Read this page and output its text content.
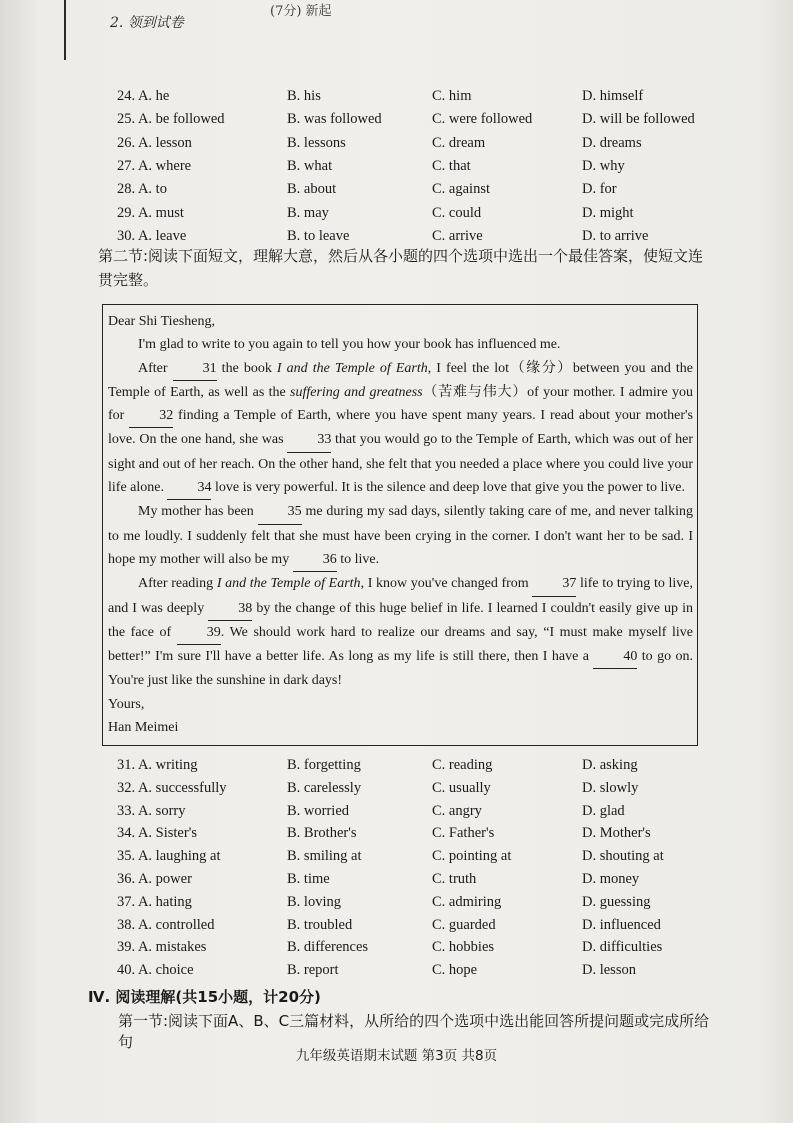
2. 领到试卷
(7分) 新起
24. A. he	B. his	C. him	D. himself
25. A. be followed	B. was followed	C. were followed	D. will be followed
26. A. lesson	B. lessons	C. dream	D. dreams
27. A. where	B. what	C. that	D. why
28. A. to	B. about	C. against	D. for
29. A. must	B. may	C. could	D. might
30. A. leave	B. to leave	C. arrive	D. to arrive
第二节:阅读下面短文，理解大意，然后从各小题的四个选项中选出一个最佳答案，使短文连贯完整。

Dear Shi Tiesheng,

I'm glad to write to you again to tell you how your book has influenced me.

After 31 the book I and the Temple of Earth, I feel the lot（缘分）between you and the Temple of Earth, as well as the suffering and greatness（苦难与伟大）of your mother. I admire you for 32 finding a Temple of Earth, where you have spent many years. I read about your mother's love. On the one hand, she was 33 that you would go to the Temple of Earth, which was out of her sight and out of her reach. On the other hand, she felt that you needed a place where you could live your life alone. 34 love is very powerful. It is the silence and deep love that give you the power to live.

My mother has been 35 me during my sad days, silently taking care of me, and never talking to me loudly. I suddenly felt that she must have been crying in the corner. I don't want her to be sad. I hope my mother will also be my 36 to live.

After reading I and the Temple of Earth, I know you've changed from 37 life to trying to live, and I was deeply 38 by the change of this huge belief in life. I learned I couldn't easily give up in the face of 39. We should work hard to realize our dreams and say, “I must make myself live better!” I'm sure I'll have a better life. As long as my life is still there, then I have a 40 to go on. You're just like the sunshine in dark days!

Yours,

Han Meimei

31. A. writing	B. forgetting	C. reading	D. asking
32. A. successfully	B. carelessly	C. usually	D. slowly
33. A. sorry	B. worried	C. angry	D. glad
34. A. Sister's	B. Brother's	C. Father's	D. Mother's
35. A. laughing at	B. smiling at	C. pointing at	D. shouting at
36. A. power	B. time	C. truth	D. money
37. A. hating	B. loving	C. admiring	D. guessing
38. A. controlled	B. troubled	C. guarded	D. influenced
39. A. mistakes	B. differences	C. hobbies	D. difficulties
40. A. choice	B. report	C. hope	D. lesson
Ⅳ. 阅读理解(共15小题，计20分)
第一节:阅读下面A、B、C三篇材料，从所给的四个选项中选出能回答所提问题或完成所给句
九年级英语期末试题 第3页 共8页
